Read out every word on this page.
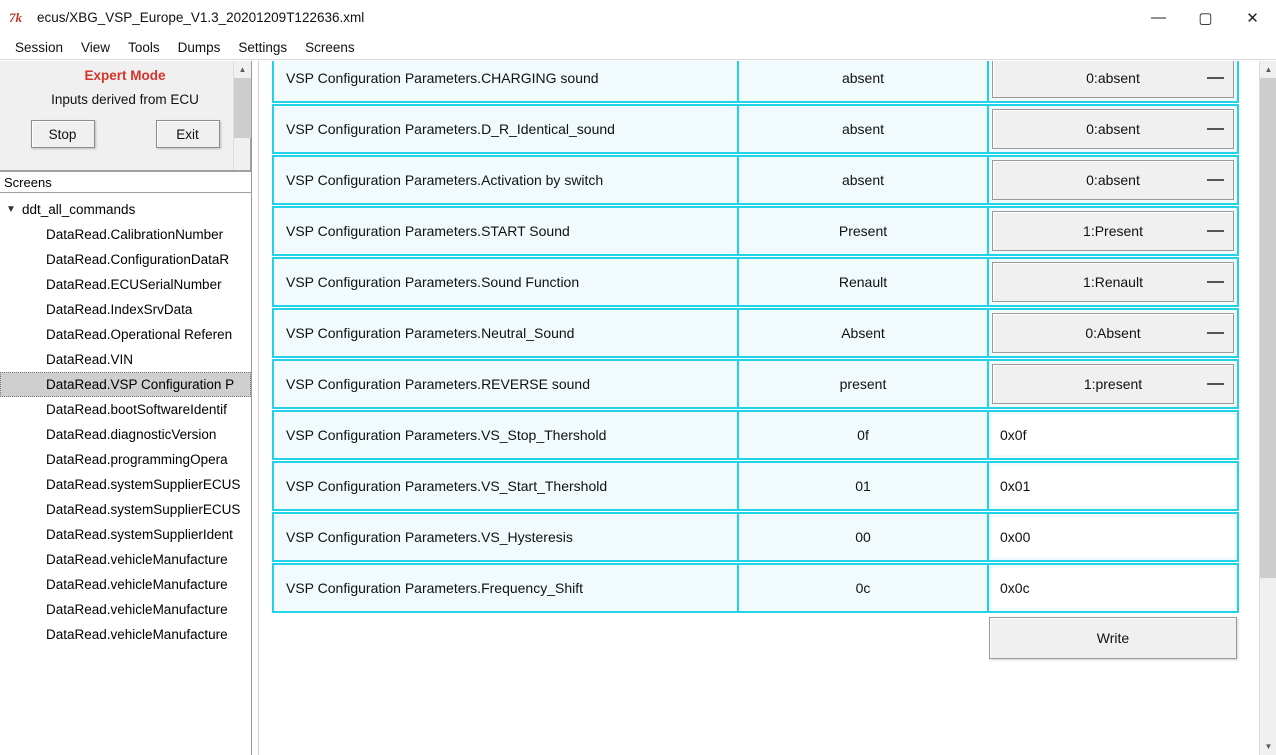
7k	ecus/XBG_VSP_Europe_V1.3_20201209T122636.xml	—	▢	✕
Session	View	Tools	Dumps	Settings	Screens
Expert Mode
Inputs derived from ECU
Stop	Exit
▲
Screens
▼ ddt_all_commands
DataRead.CalibrationNumber
DataRead.ConfigurationDataR
DataRead.ECUSerialNumber
DataRead.IndexSrvData
DataRead.Operational Referen
DataRead.VIN
DataRead.VSP Configuration P
DataRead.bootSoftwareIdentif
DataRead.diagnosticVersion
DataRead.programmingOpera
DataRead.systemSupplierECUS
DataRead.systemSupplierECUS
DataRead.systemSupplierIdent
DataRead.vehicleManufacture
DataRead.vehicleManufacture
DataRead.vehicleManufacture
DataRead.vehicleManufacture
VSP Configuration Parameters.CHARGING sound	absent	0:absent
VSP Configuration Parameters.D_R_Identical_sound	absent	0:absent
VSP Configuration Parameters.Activation by switch	absent	0:absent
VSP Configuration Parameters.START Sound	Present	1:Present
VSP Configuration Parameters.Sound Function	Renault	1:Renault
VSP Configuration Parameters.Neutral_Sound	Absent	0:Absent
VSP Configuration Parameters.REVERSE sound	present	1:present
VSP Configuration Parameters.VS_Stop_Thershold	0f	0x0f
VSP Configuration Parameters.VS_Start_Thershold	01	0x01
VSP Configuration Parameters.VS_Hysteresis	00	0x00
VSP Configuration Parameters.Frequency_Shift	0c	0x0c
Write
▲
▼
